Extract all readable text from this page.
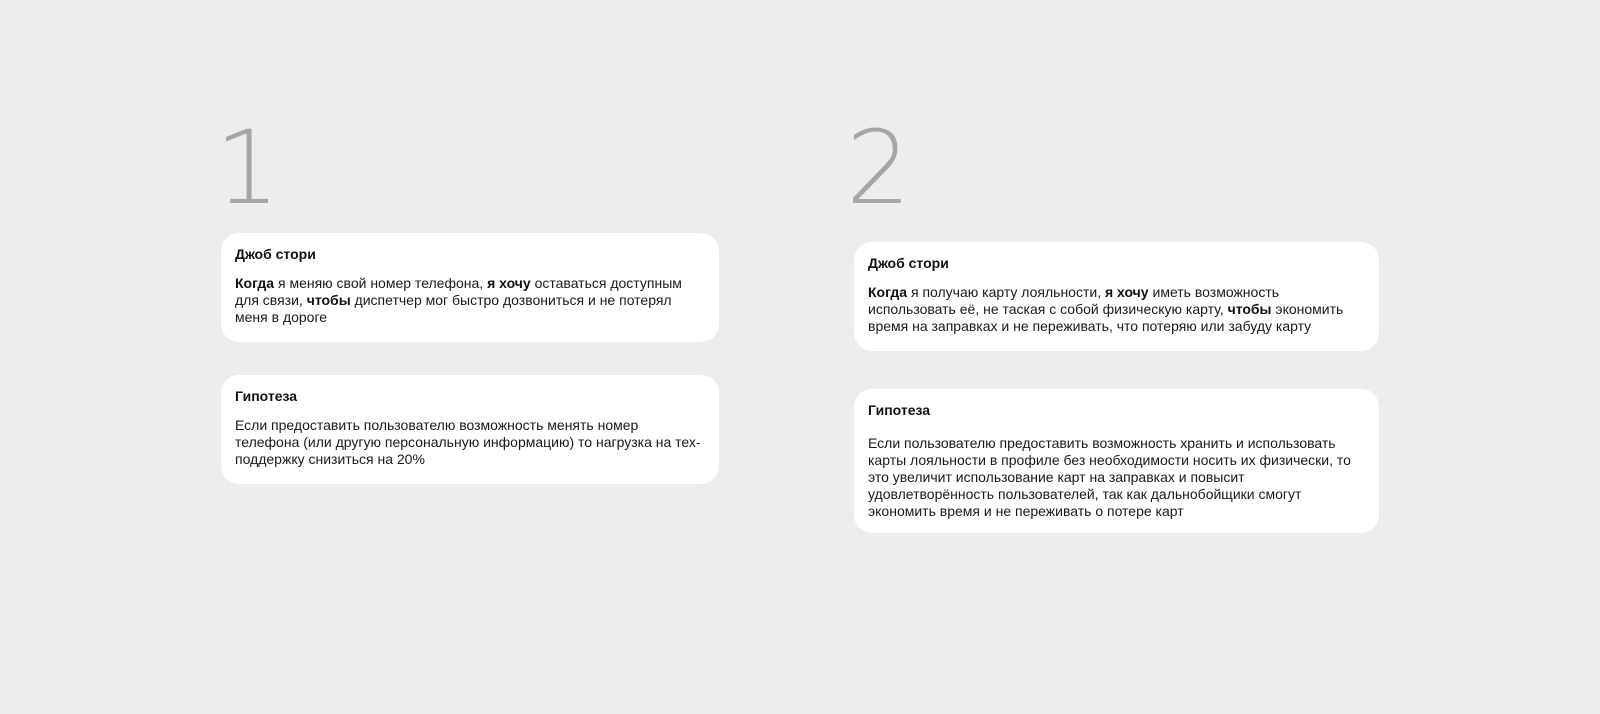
1

Джоб стори

Когда я меняю свой номер телефона, я хочу оставаться доступным для связи, чтобы диспетчер мог быстро дозвониться и не потерял меня в дороге

Гипотеза

Если предоставить пользователю возможность менять номер телефона (или другую персональную информацию) то нагрузка на тех-поддержку снизиться на 20%

2

Джоб стори

Когда я получаю карту лояльности, я хочу иметь возможность использовать её, не таская с собой физическую карту, чтобы экономить время на заправках и не переживать, что потеряю или забуду карту

Гипотеза

Если пользователю предоставить возможность хранить и использовать карты лояльности в профиле без необходимости носить их физически, то это увеличит использование карт на заправках и повысит удовлетворённость пользователей, так как дальнобойщики смогут экономить время и не переживать о потере карт
